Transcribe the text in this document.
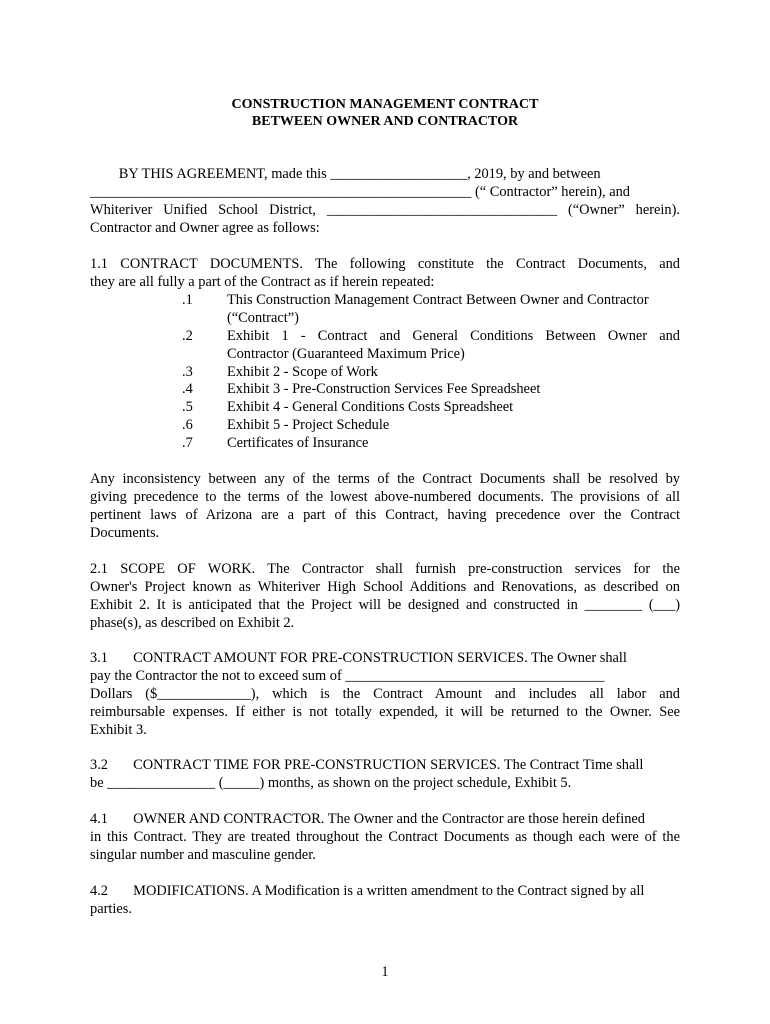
CONSTRUCTION MANAGEMENT CONTRACT
BETWEEN OWNER AND CONTRACTOR
BY THIS AGREEMENT, made this ___________________, 2019, by and between
_____________________________________________________ (“ Contractor” herein), and
Whiteriver Unified School District, ________________________________ (“Owner” herein).
Contractor and Owner agree as follows:
1.1 CONTRACT DOCUMENTS. The following constitute the Contract Documents, and
they are all fully a part of the Contract as if herein repeated:
.1 This Construction Management Contract Between Owner and Contractor
(“Contract”)
.2 Exhibit 1 - Contract and General Conditions Between Owner and
Contractor (Guaranteed Maximum Price)
.3 Exhibit 2 - Scope of Work
.4 Exhibit 3 - Pre-Construction Services Fee Spreadsheet
.5 Exhibit 4 - General Conditions Costs Spreadsheet
.6 Exhibit 5 - Project Schedule
.7 Certificates of Insurance
Any inconsistency between any of the terms of the Contract Documents shall be resolved by
giving precedence to the terms of the lowest above-numbered documents. The provisions of all
pertinent laws of Arizona are a part of this Contract, having precedence over the Contract
Documents.
2.1 SCOPE OF WORK. The Contractor shall furnish pre-construction services for the
Owner's Project known as Whiteriver High School Additions and Renovations, as described on
Exhibit 2. It is anticipated that the Project will be designed and constructed in ________ (___)
phase(s), as described on Exhibit 2.
3.1       CONTRACT AMOUNT FOR PRE-CONSTRUCTION SERVICES. The Owner shall
pay the Contractor the not to exceed sum of ____________________________________
Dollars ($_____________), which is the Contract Amount and includes all labor and
reimbursable expenses. If either is not totally expended, it will be returned to the Owner. See
Exhibit 3.
3.2       CONTRACT TIME FOR PRE-CONSTRUCTION SERVICES. The Contract Time shall
be _______________ (_____) months, as shown on the project schedule, Exhibit 5.
4.1       OWNER AND CONTRACTOR. The Owner and the Contractor are those herein defined
in this Contract. They are treated throughout the Contract Documents as though each were of the
singular number and masculine gender.
4.2       MODIFICATIONS. A Modification is a written amendment to the Contract signed by all
parties.
1
